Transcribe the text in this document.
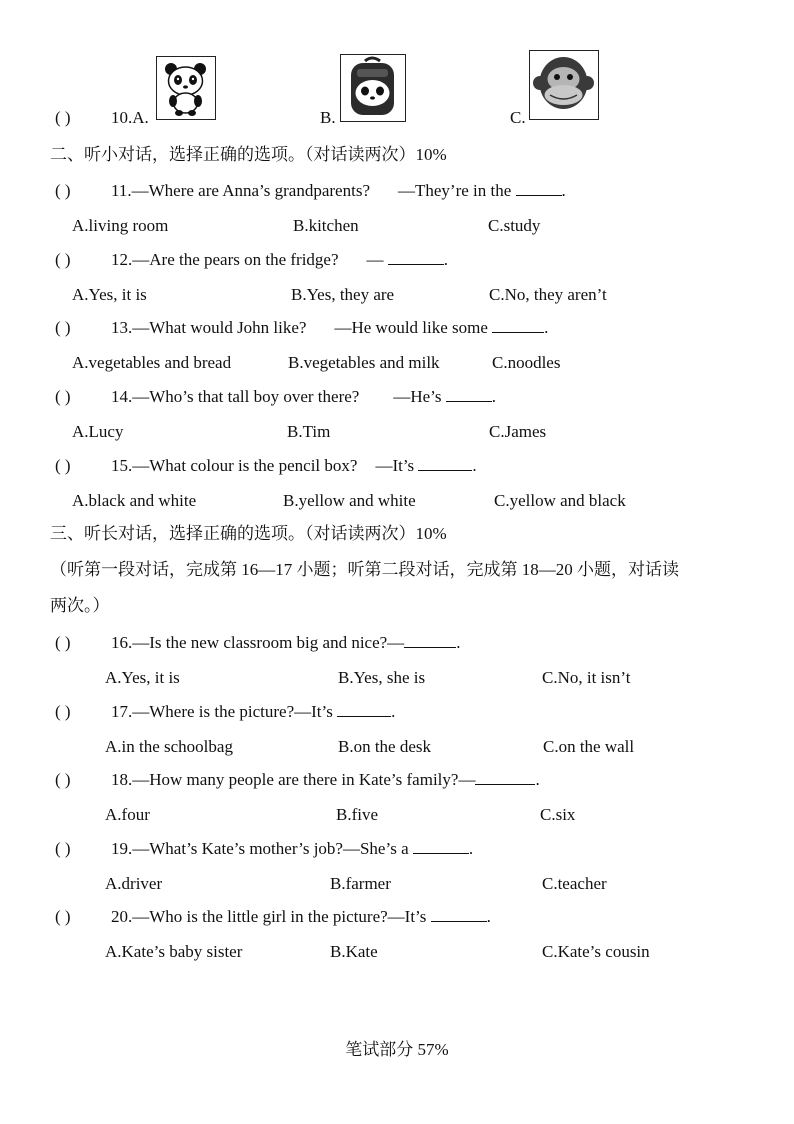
( ) 10.A.	B.	C.
二、听小对话，选择正确的选项。（对话读两次）10%
( ) 11.—Where are Anna’s grandparents? —They’re in the	.
A.living room	B.kitchen	C.study
( ) 12.—Are the pears on the fridge? —	.
A.Yes, it is	B.Yes, they are	C.No, they aren’t
( ) 13.—What would John like? —He would like some	.
A.vegetables and bread	B.vegetables and milk	C.noodles
( ) 14.—Who’s that tall boy over there? —He’s	.
A.Lucy	B.Tim	C.James
( ) 15.—What colour is the pencil box? —It’s	.
A.black and white	B.yellow and white	C.yellow and black
三、听长对话，选择正确的选项。（对话读两次）10%
（听第一段对话，完成第 16—17 小题；听第二段对话，完成第 18—20 小题，对话读
两次。）
( ) 16.—Is the new classroom big and nice?—	.
A.Yes, it is	B.Yes, she is	C.No, it isn’t
( ) 17.—Where is the picture?—It’s	.
A.in the schoolbag	B.on the desk	C.on the wall
( ) 18.—How many people are there in Kate’s family?—	.
A.four	B.five	C.six
( ) 19.—What’s Kate’s mother’s job?—She’s a	.
A.driver	B.farmer	C.teacher
( ) 20.—Who is the little girl in the picture?—It’s	.
A.Kate’s baby sister	B.Kate	C.Kate’s cousin
笔试部分 57%
